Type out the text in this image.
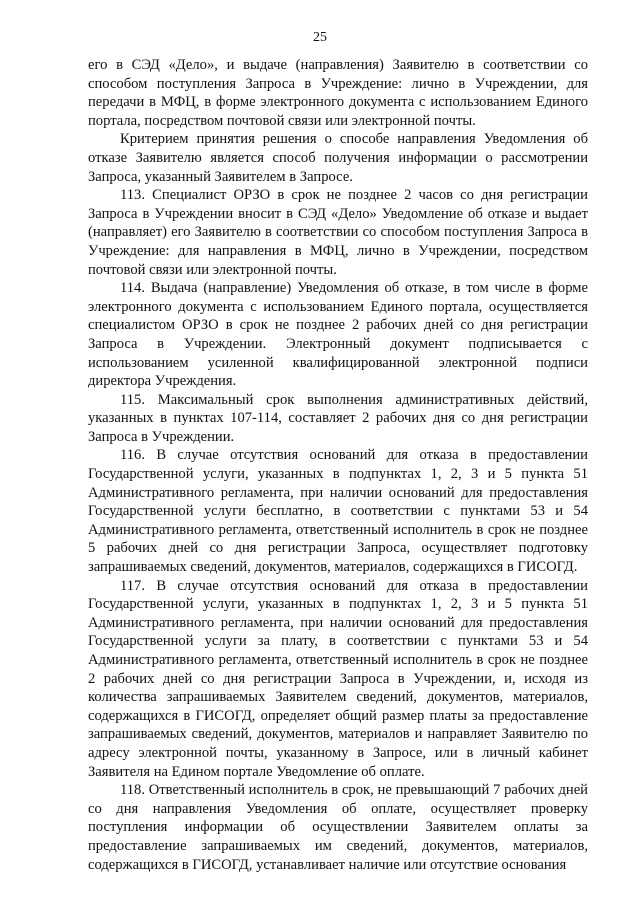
25

его в СЭД «Дело», и выдаче (направления) Заявителю в соответствии со способом поступления Запроса в Учреждение: лично в Учреждении, для передачи в МФЦ, в форме электронного документа с использованием Единого портала, посредством почтовой связи или электронной почты.

Критерием принятия решения о способе направления Уведомления об отказе Заявителю является способ получения информации о рассмотрении Запроса, указанный Заявителем в Запросе.

113. Специалист ОРЗО в срок не позднее 2 часов со дня регистрации Запроса в Учреждении вносит в СЭД «Дело» Уведомление об отказе и выдает (направляет) его Заявителю в соответствии со способом поступления Запроса в Учреждение: для направления в МФЦ, лично в Учреждении, посредством почтовой связи или электронной почты.

114. Выдача (направление) Уведомления об отказе, в том числе в форме электронного документа с использованием Единого портала, осуществляется специалистом ОРЗО в срок не позднее 2 рабочих дней со дня регистрации Запроса в Учреждении. Электронный документ подписывается с использованием усиленной квалифицированной электронной подписи директора Учреждения.

115. Максимальный срок выполнения административных действий, указанных в пунктах 107-114, составляет 2 рабочих дня со дня регистрации Запроса в Учреждении.

116. В случае отсутствия оснований для отказа в предоставлении Государственной услуги, указанных в подпунктах 1, 2, 3 и 5 пункта 51 Административного регламента, при наличии оснований для предоставления Государственной услуги бесплатно, в соответствии с пунктами 53 и 54 Административного регламента, ответственный исполнитель в срок не позднее 5 рабочих дней со дня регистрации Запроса, осуществляет подготовку запрашиваемых сведений, документов, материалов, содержащихся в ГИСОГД.

117. В случае отсутствия оснований для отказа в предоставлении Государственной услуги, указанных в подпунктах 1, 2, 3 и 5 пункта 51 Административного регламента, при наличии оснований для предоставления Государственной услуги за плату, в соответствии с пунктами 53 и 54 Административного регламента, ответственный исполнитель в срок не позднее 2 рабочих дней со дня регистрации Запроса в Учреждении, и, исходя из количества запрашиваемых Заявителем сведений, документов, материалов, содержащихся в ГИСОГД, определяет общий размер платы за предоставление запрашиваемых сведений, документов, материалов и направляет Заявителю по адресу электронной почты, указанному в Запросе, или в личный кабинет Заявителя на Едином портале Уведомление об оплате.

118. Ответственный исполнитель в срок, не превышающий 7 рабочих дней со дня направления Уведомления об оплате, осуществляет проверку поступления информации об осуществлении Заявителем оплаты за предоставление запрашиваемых им сведений, документов, материалов, содержащихся в ГИСОГД, устанавливает наличие или отсутствие основания
